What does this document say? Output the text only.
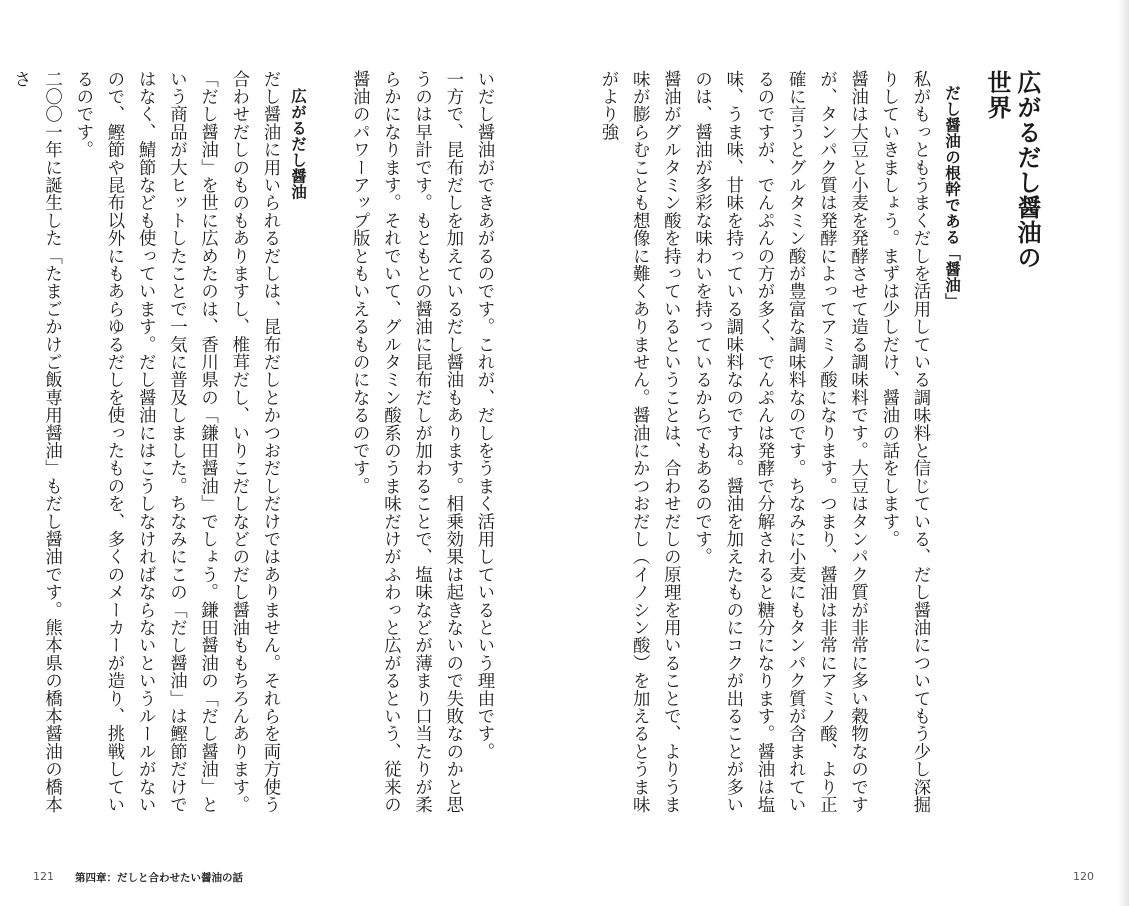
広がるだし醤油の世界
だし醤油の根幹である「醤油」

私がもっともうまくだしを活用している調味料と信じている、だし醤油についてもう少し深掘りしていきましょう。まずは少しだけ、醤油の話をします。
醤油は大豆と小麦を発酵させて造る調味料です。大豆はタンパク質が非常に多い穀物なのですが、タンパク質は発酵によってアミノ酸になります。つまり、醤油は非常にアミノ酸、より正確に言うとグルタミン酸が豊富な調味料なのです。ちなみに小麦にもタンパク質が含まれているのですが、でんぷんの方が多く、でんぷんは発酵で分解されると糖分になります。醤油は塩味、うま味、甘味を持っている調味料なのですね。醤油を加えたものにコクが出ることが多いのは、醤油が多彩な味わいを持っているからでもあるのです。
醤油がグルタミン酸を持っているということは、合わせだしの原理を用いることで、よりうま味が膨らむことも想像に難くありません。醤油にかつおだし（イノシン酸）を加えるとうま味がより強

いだし醤油ができあがるのです。これが、だしをうまく活用しているという理由です。
一方で、昆布だしを加えているだし醤油もあります。相乗効果は起きないので失敗なのかと思うのは早計です。もともとの醤油に昆布だしが加わることで、塩味などが薄まり口当たりが柔らかになります。それでいて、グルタミン酸系のうま味だけがふわっと広がるという、従来の醤油のパワーアップ版ともいえるものになるのです。

広がるだし醤油

だし醤油に用いられるだしは、昆布だしとかつおだしだけではありません。それらを両方使う合わせだしのものもありますし、椎茸だし、いりこだしなどのだし醤油ももちろんあります。
「だし醤油」を世に広めたのは、香川県の「鎌田醤油」でしょう。鎌田醤油の「だし醤油」という商品が大ヒットしたことで一気に普及しました。ちなみにこの「だし醤油」は鰹節だけではなく、鯖節なども使っています。だし醤油にはこうしなければならないというルールがないので、鰹節や昆布以外にもあらゆるだしを使ったものを、多くのメーカーが造り、挑戦しているのです。
二〇〇一年に誕生した「たまごかけご飯専用醤油」もだし醤油です。熊本県の橋本醤油の橋本さ

121 第四章：だしと合わせたい醤油の話	120
